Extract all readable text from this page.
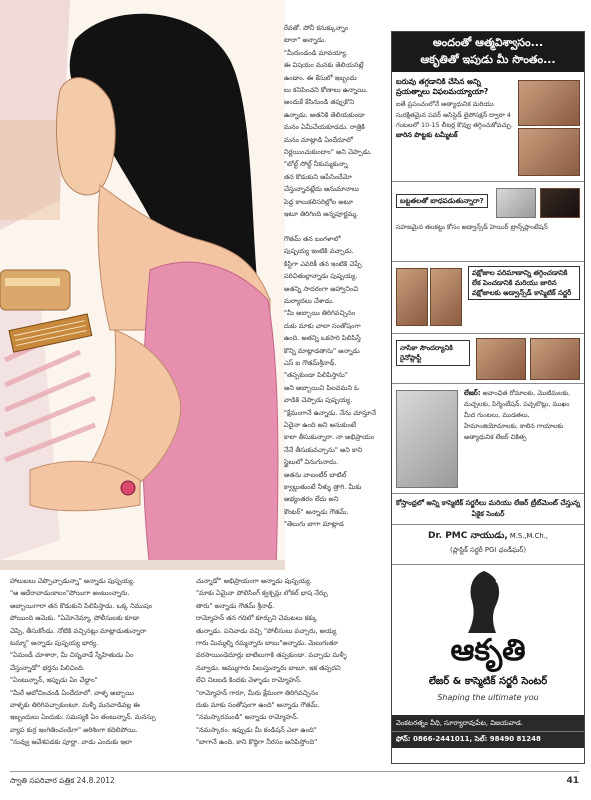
రేవతో. పోనీ కనుక్కున్నాం
టారా" అన్నాడు.
"మీరుండండి మావయ్యా.
ఈ విషయం మనకు తెలియనట్లే
ఉండాం. ఈ కేసులో ఇబ్బందు
లు కనిపించని కోణాలు ఉన్నాయి.
అందుకే కేసినుండి తప్పుకొని
ఉన్నాడు. అతనికి తెలియకుండా
మనం ఏమీచేయకూడదు. రాత్రికి
మనం మాట్లాడి ఏందేదూలో
నిర్ణయించుకుందాం" అని చెప్పాడు.
"బోల్ట్ సోల్డ్ నీకుమ్మకున్నా
తన కొడుకుని ఆపేసిందేమో
చేస్తున్నావట్లేదు అనుమానాలు
పెద్ద కాలుకలిసరిల్లోల అటూ
ఇటూ తిరిగింది అన్నపూర్ణమ్మ.

గౌతమ్ తన బంగళాలో
పుష్పయ్య ఇంటికి వచ్చాడు.
కిస్టిగా ఎవరికీ తన ఇంటికి చెప్పే
పరిచితుల్లాన్నాడు పుష్పయ్య.
అతన్ని సాదరంగా ఆహ్వానించి
మర్యాదలు చేశాడు.
"మీ అబ్బాయి తిరిగివచ్చినం
దుకు మాకు చాలా సంతోషంగా
ఉంది. అతన్ని ఒకసారి పిలిపిస్తే
కొన్ని మాట్లాడతాను" అన్నాడు
ఎస్ ఐ గౌతమ్‌శ్రీనాథ్.
"తప్పకుండా పిలిపిస్తాను"
అని అబ్బాయిని పిలవమని ఓ
వాడికి చెప్పాడు పుష్పయ్య.
"క్షేమంగానే ఉన్నాడు. నేను చూస్తూనే
ఏదైనా ఉంది అని అనుకుంటే
కాలా తీసుకున్నారా. నా అభిప్రాయం
నేనే తీసుకువచ్చాను" అని కాని
స్టైలులో వినుగునాదు.
అతను వాలంటీర్ బాటిల్
క్వాల్డుతుంటే నీళ్ళు త్రాగి. మీకు
అభ్యంతరం లేదు అని
కౌంటర్" అన్నాడు గౌతమ్.
"తెలుగు బాగా మాట్లాడ
హాలుబలు చెప్పొచ్చాడున్నా" అన్నాడు పుష్పయ్య.
"ఆ ఆదేరావాడుఁకాలం"పోయిగా అంటుంన్నారు.
అబ్బాయిగారా తన కొడుకుని పిలిపిస్తాడు. ఒక్క నిముషం
పోయింది ఆమెకు. "ఏమోనెమ్మా, పోలీసులకు కూడా
చెప్పి, తీసుకోండు. నోటికి వచ్చినట్లు మాట్లాడుతున్నారా
టమ్మా" అన్నాడు పుష్పయ్య భార్య.
"ఏమండీ చూశారా, మీ చిన్నవాడే స్నేహితుడు ఏం
చేస్తున్నాడో" భర్తను పిలిచింది.
"ఏంటున్నాన్, ఇప్పుడు ఏం చేద్దాం"
"మీరే అలోచించండి ఏందేదూలో. వాళ్ళ అబ్బాయి
వాళ్ళకు తిరిగివచ్చాకుంటూ. మళ్ళీ మనవాడివల్ల ఈ
ఇబ్బందులు ఏందుకు. సమస్యకి ఏం తంటున్నాన్. మనస్సు
వ్యాప కుర్ర ఇంగితించండిగా" అరిశింగా కదిలిపోయి.
"నువ్వు ఆవేశపడకు పూర్ణా. వాడు ఎందుకు ఇలా
చున్నాడో" అభిప్రాయంగా అన్నాడు పుష్పయ్య.
"మాకు ఏమైనా పోలిసింగ్ క్వశ్చన్లు లోకల్ భాష నేర్చు
తారు" అన్నాడు గౌతమ్ శ్రీనాథ్.
రామ్మోహన్ తన గదిలో కూర్చుని చెమటలు కక్కు
తున్నాడు. పనివాడు వచ్చి "పోలీసులు వచ్చారు, అయ్య
గారు మిమ్మల్ని రమ్మన్నారు బాబు"అన్నాడు. మెలుగుతూ
వరసాయిండెదూర్లు బాటిలుగాకి తప్పకుండా. వచ్చాడు మళ్ళీ
నవ్వాడు. అమ్ముగారు పిలుస్తున్నారు బాబూ. ఇక తప్పదని
లేచి నిలబడి కిందకు వెళ్ళాడు రామ్మోహన్.
"రామ్మోహన్ గారూ, మీరు క్షేమంగా తిరిగివచ్చినం
దుకు మాకు సంతోషంగా ఉంది" అన్నాడు గౌతమ్.
"నమస్కారమండి" అన్నాడు రామ్మోహన్.
"నమస్కారం. ఇప్పుడు మీ కండిషన్ ఎలా ఉంది"
"బాగానే ఉంది. కాని కొద్దిగా నీరసం అనిపిస్తోంది"
అందంతో ఆత్మవిశ్వాసం...
ఆకృతితో ఇపుడు మీ సొంతం...
బరువు తగ్గడానికి చేసిన అన్ని ప్రయత్నాలు విఫలమయ్యాయా?
ఐతే ప్రపంచంలోనే అత్యాధునిక మరియు సురక్షితమైన పవర్ అసిస్టెడ్ లైపోసక్షన్ ద్వారా 4 గంటలలో 10-15 లీటర్ల కొవ్వు తగ్గించుకోవచ్చు.
జారిన పొట్టకు టమ్మీటక్
బట్టతలతో బాధపడుతున్నారా?
సహజమైన తలకట్టు కోసం అడ్వాన్స్‌డ్ హెయిర్ ట్రాన్స్‌ప్లాంటేషన్
వక్షోజాల పరిమాణాన్ని తగ్గించడానికి లేక పెంచడానికి మరియు జారిన వక్షోజాలకు అడ్వాన్స్‌డ్ కాస్మెటిక్ సర్జరీ
నాసికా సౌందర్యానికి రైనోప్లాస్టీ
లేజర్: అవాంఛిత రోమాలకు, మొటిమలకు, మచ్చలకు, పిగ్మెంటేషన్, పచ్చబొట్లు, ముఖం మీద గుంటలు, ముడతలు, హేమాంజియోమాలకు, కాలిన గాయాలకు అత్యాధునిక లేజర్ చికిత్స
కోస్తాంధ్రలో అన్ని కాస్మెటిక్ సర్జరీలు మరియు లేజర్ ట్రీట్‌మెంట్ చేస్తున్న ఏకైక సెంటర్
Dr. PMC నాయుడు, M.S.,M.Ch.,
(ప్లాస్టిక్ సర్జరీ PGI ఛండీఘర్)
ఆకృతి
లేజర్ & కాస్మెటిక్ సర్జరీ సెంటర్
Shaping the ultimate you
వెంకటరత్నం వీధి, సూర్యారావుపేట, విజయవాడ.
ఫోన్: 0866-2441011, సెల్: 98490 81248
స్వాతి సపరివార పత్రిక 24.8.2012	41
